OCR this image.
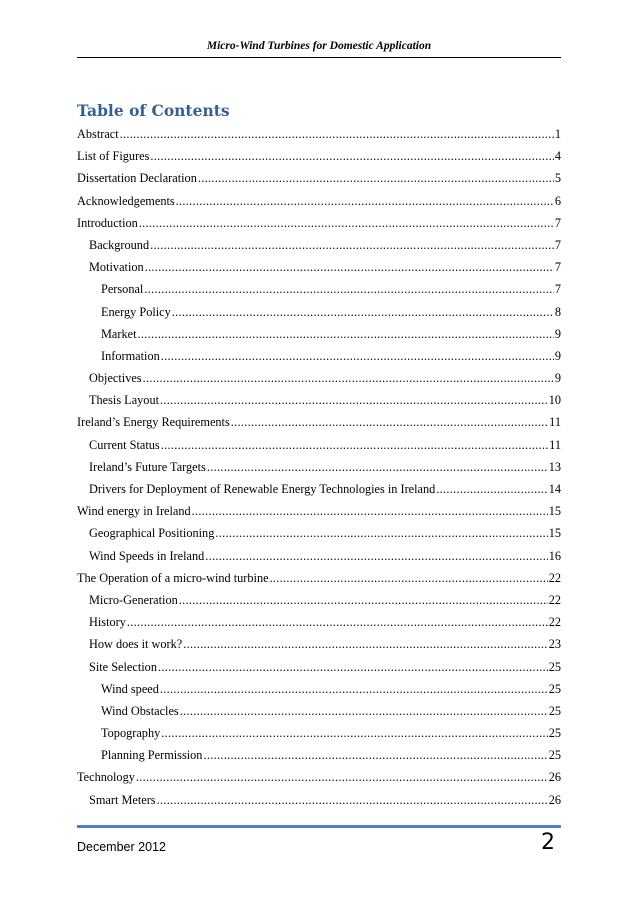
Micro-Wind Turbines for Domestic Application
Table of Contents
Abstract .....	1
List of Figures .....	4
Dissertation Declaration .....	5
Acknowledgements .....	6
Introduction .....	7
Background .....	7
Motivation .....	7
Personal .....	7
Energy Policy .....	8
Market .....	9
Information .....	9
Objectives .....	9
Thesis Layout .....	10
Ireland’s Energy Requirements .....	11
Current Status .....	11
Ireland’s Future Targets .....	13
Drivers for Deployment of Renewable Energy Technologies in Ireland .....	14
Wind energy in Ireland .....	15
Geographical Positioning .....	15
Wind Speeds in Ireland .....	16
The Operation of a micro-wind turbine .....	22
Micro-Generation .....	22
History .....	22
How does it work? .....	23
Site Selection .....	25
Wind speed .....	25
Wind Obstacles .....	25
Topography .....	25
Planning Permission .....	25
Technology .....	26
Smart Meters .....	26
December 2012	2
